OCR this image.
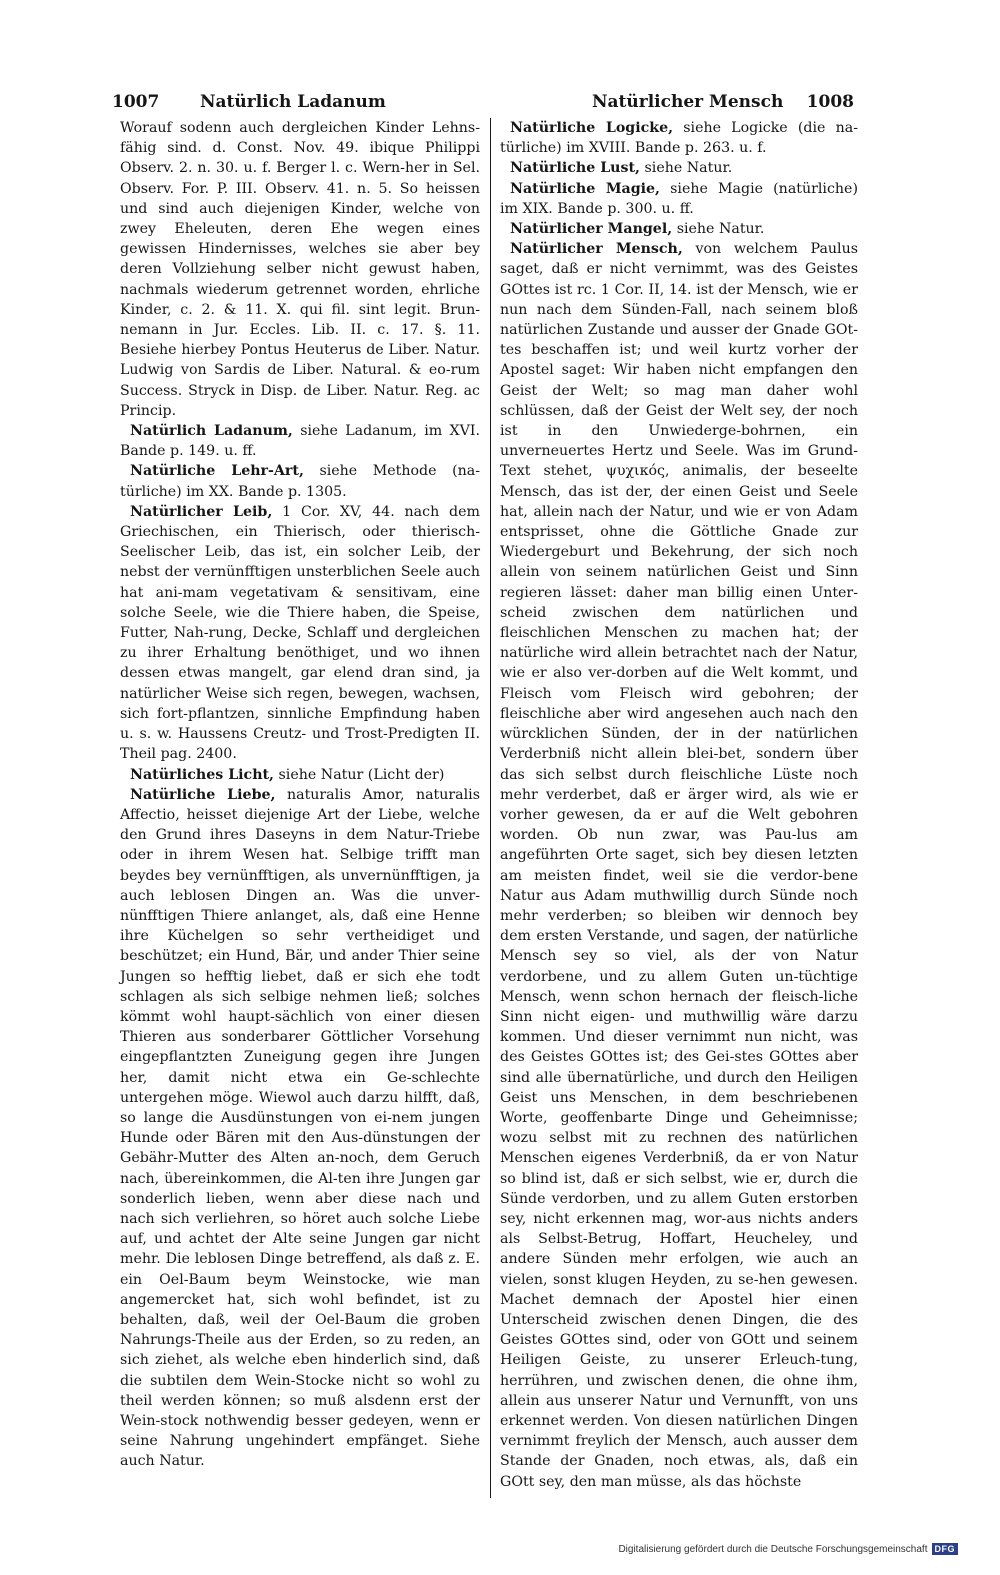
1007 Natürlich Ladanum	Natürlicher Mensch 1008

Worauf sodenn auch dergleichen Kinder Lehns-fähig sind. d. Const. Nov. 49. ibique Philippi Observ. 2. n. 30. u. f. Berger l. c. Wern-her in Sel. Observ. For. P. III. Observ. 41. n. 5. So heissen und sind auch diejenigen Kinder, welche von zwey Eheleuten, deren Ehe wegen eines gewissen Hindernisses, welches sie aber bey deren Vollziehung selber nicht gewust haben, nachmals wiederum getrennet worden, ehrliche Kinder, c. 2. & 11. X. qui fil. sint legit. Brun-nemann in Jur. Eccles. Lib. II. c. 17. §. 11. Besiehe hierbey Pontus Heuterus de Liber. Natur. Ludwig von Sardis de Liber. Natural. & eo-rum Success. Stryck in Disp. de Liber. Natur. Reg. ac Princip.

Natürlich Ladanum, siehe Ladanum, im XVI. Bande p. 149. u. ff.

Natürliche Lehr-Art, siehe Methode (na-türliche) im XX. Bande p. 1305.

Natürlicher Leib, 1 Cor. XV, 44. nach dem Griechischen, ein Thierisch, oder thierisch-Seelischer Leib, das ist, ein solcher Leib, der nebst der vernünfftigen unsterblichen Seele auch hat ani-mam vegetativam & sensitivam, eine solche Seele, wie die Thiere haben, die Speise, Futter, Nah-rung, Decke, Schlaff und dergleichen zu ihrer Erhaltung benöthiget, und wo ihnen dessen etwas mangelt, gar elend dran sind, ja natürlicher Weise sich regen, bewegen, wachsen, sich fort-pflantzen, sinnliche Empfindung haben u. s. w. Haussens Creutz- und Trost-Predigten II. Theil pag. 2400.

Natürliches Licht, siehe Natur (Licht der)

Natürliche Liebe, naturalis Amor, naturalis Affectio, heisset diejenige Art der Liebe, welche den Grund ihres Daseyns in dem Natur-Triebe oder in ihrem Wesen hat. Selbige trifft man beydes bey vernünfftigen, als unvernünfftigen, ja auch leblosen Dingen an. Was die unver-nünfftigen Thiere anlanget, als, daß eine Henne ihre Küchelgen so sehr vertheidiget und beschützet; ein Hund, Bär, und ander Thier seine Jungen so hefftig liebet, daß er sich ehe todt schlagen als sich selbige nehmen ließ; solches kömmt wohl haupt-sächlich von einer diesen Thieren aus sonderbarer Göttlicher Vorsehung eingepflantzten Zuneigung gegen ihre Jungen her, damit nicht etwa ein Ge-schlechte untergehen möge. Wiewol auch darzu hilfft, daß, so lange die Ausdünstungen von ei-nem jungen Hunde oder Bären mit den Aus-dünstungen der Gebähr-Mutter des Alten an-noch, dem Geruch nach, übereinkommen, die Al-ten ihre Jungen gar sonderlich lieben, wenn aber diese nach und nach sich verliehren, so höret auch solche Liebe auf, und achtet der Alte seine Jungen gar nicht mehr. Die leblosen Dinge betreffend, als daß z. E. ein Oel-Baum beym Weinstocke, wie man angemercket hat, sich wohl befindet, ist zu behalten, daß, weil der Oel-Baum die groben Nahrungs-Theile aus der Erden, so zu reden, an sich ziehet, als welche eben hinderlich sind, daß die subtilen dem Wein-Stocke nicht so wohl zu theil werden können; so muß alsdenn erst der Wein-stock nothwendig besser gedeyen, wenn er seine Nahrung ungehindert empfänget. Siehe auch Natur.

Natürliche Logicke, siehe Logicke (die na-türliche) im XVIII. Bande p. 263. u. f.

Natürliche Lust, siehe Natur.

Natürliche Magie, siehe Magie (natürliche) im XIX. Bande p. 300. u. ff.

Natürlicher Mangel, siehe Natur.

Natürlicher Mensch, von welchem Paulus saget, daß er nicht vernimmt, was des Geistes GOttes ist rc. 1 Cor. II, 14. ist der Mensch, wie er nun nach dem Sünden-Fall, nach seinem bloß natürlichen Zustande und ausser der Gnade GOt-tes beschaffen ist; und weil kurtz vorher der Apostel saget: Wir haben nicht empfangen den Geist der Welt; so mag man daher wohl schlüssen, daß der Geist der Welt sey, der noch ist in den Unwiederge-bohrnen, ein unverneuertes Hertz und Seele. Was im Grund-Text stehet, ψυχικός, animalis, der beseelte Mensch, das ist der, der einen Geist und Seele hat, allein nach der Natur, und wie er von Adam entsprisset, ohne die Göttliche Gnade zur Wiedergeburt und Bekehrung, der sich noch allein von seinem natürlichen Geist und Sinn regieren lässet: daher man billig einen Unter-scheid zwischen dem natürlichen und fleischlichen Menschen zu machen hat; der natürliche wird allein betrachtet nach der Natur, wie er also ver-dorben auf die Welt kommt, und Fleisch vom Fleisch wird gebohren; der fleischliche aber wird angesehen auch nach den würcklichen Sünden, der in der natürlichen Verderbniß nicht allein blei-bet, sondern über das sich selbst durch fleischliche Lüste noch mehr verderbet, daß er ärger wird, als wie er vorher gewesen, da er auf die Welt gebohren worden. Ob nun zwar, was Pau-lus am angeführten Orte saget, sich bey diesen letzten am meisten findet, weil sie die verdor-bene Natur aus Adam muthwillig durch Sünde noch mehr verderben; so bleiben wir dennoch bey dem ersten Verstande, und sagen, der natürliche Mensch sey so viel, als der von Natur verdorbene, und zu allem Guten un-tüchtige Mensch, wenn schon hernach der fleisch-liche Sinn nicht eigen- und muthwillig wäre darzu kommen. Und dieser vernimmt nun nicht, was des Geistes GOttes ist; des Gei-stes GOttes aber sind alle übernatürliche, und durch den Heiligen Geist uns Menschen, in dem beschriebenen Worte, geoffenbarte Dinge und Geheimnisse; wozu selbst mit zu rechnen des natürlichen Menschen eigenes Verderbniß, da er von Natur so blind ist, daß er sich selbst, wie er, durch die Sünde verdorben, und zu allem Guten erstorben sey, nicht erkennen mag, wor-aus nichts anders als Selbst-Betrug, Hoffart, Heucheley, und andere Sünden mehr erfolgen, wie auch an vielen, sonst klugen Heyden, zu se-hen gewesen. Machet demnach der Apostel hier einen Unterscheid zwischen denen Dingen, die des Geistes GOttes sind, oder von GOtt und seinem Heiligen Geiste, zu unserer Erleuch-tung, herrühren, und zwischen denen, die ohne ihm, allein aus unserer Natur und Vernunfft, von uns erkennet werden. Von diesen natürlichen Dingen vernimmt freylich der Mensch, auch ausser dem Stande der Gnaden, noch etwas, als, daß ein GOtt sey, den man müsse, als das höchste

Digitalisierung gefördert durch die Deutsche Forschungsgemeinschaft DFG
